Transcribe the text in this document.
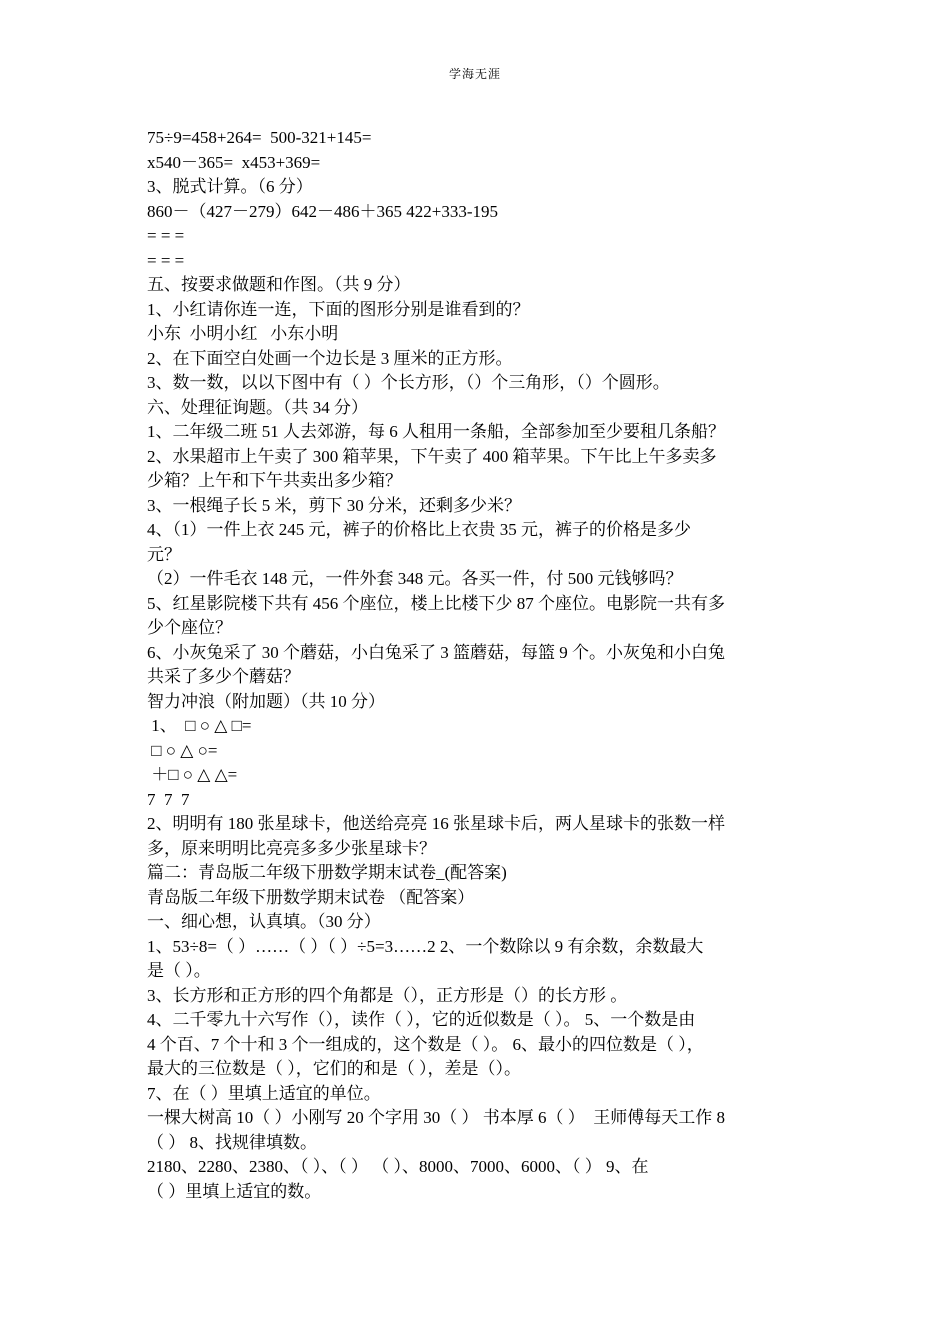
学海无涯

75÷9=458+264=  500-321+145=

x540－365=  x453+369=

3、脱式计算。（6 分）

860－（427－279）642－486＋365 422+333-195

= = =

= = =

五、按要求做题和作图。（共 9 分）

1、小红请你连一连，下面的图形分别是谁看到的？

小东  小明小红   小东小明

2、在下面空白处画一个边长是 3 厘米的正方形。

3、数一数，以以下图中有（ ）个长方形，（）个三角形，（）个圆形。

六、处理征询题。（共 34 分）

1、二年级二班 51 人去郊游，每 6 人租用一条船，全部参加至少要租几条船？

2、水果超市上午卖了 300 箱苹果，下午卖了 400 箱苹果。下午比上午多卖多

少箱？上午和下午共卖出多少箱？

3、一根绳子长 5 米，剪下 30 分米，还剩多少米？

4、（1）一件上衣 245 元，裤子的价格比上衣贵 35 元，裤子的价格是多少

元？

（2）一件毛衣 148 元，一件外套 348 元。各买一件，付 500 元钱够吗？

5、红星影院楼下共有 456 个座位，楼上比楼下少 87 个座位。电影院一共有多

少个座位？

6、小灰兔采了 30 个蘑菇，小白兔采了 3 篮蘑菇，每篮 9 个。小灰兔和小白兔

共采了多少个蘑菇？

智力冲浪（附加题）（共 10 分）

1、  □ ○ △ □=

□ ○ △ ○=

＋□ ○ △ △=

7  7  7

2、明明有 180 张星球卡，他送给亮亮 16 张星球卡后，两人星球卡的张数一样

多，原来明明比亮亮多多少张星球卡？

篇二：青岛版二年级下册数学期末试卷_(配答案)

青岛版二年级下册数学期末试卷 （配答案）

一、细心想，认真填。（30 分）

1、53÷8=（ ）……（ ）（ ）÷5=3……2 2、一个数除以 9 有余数，余数最大

是（ ）。

3、长方形和正方形的四个角都是（），正方形是（）的长方形 。

4、二千零九十六写作（），读作（ ），它的近似数是（ ）。 5、一个数是由

4 个百、7 个十和 3 个一组成的，这个数是（ ）。 6、最小的四位数是（ ），

最大的三位数是（ ），它们的和是（ ），差是（）。

7、在（ ）里填上适宜的单位。

一棵大树高 10（ ）小刚写 20 个字用 30（ ） 书本厚 6（ ）  王师傅每天工作 8

（ ） 8、找规律填数。

2180、2280、2380、（ ）、（ ） （ ）、8000、7000、6000、（ ） 9、在

（ ）里填上适宜的数。
